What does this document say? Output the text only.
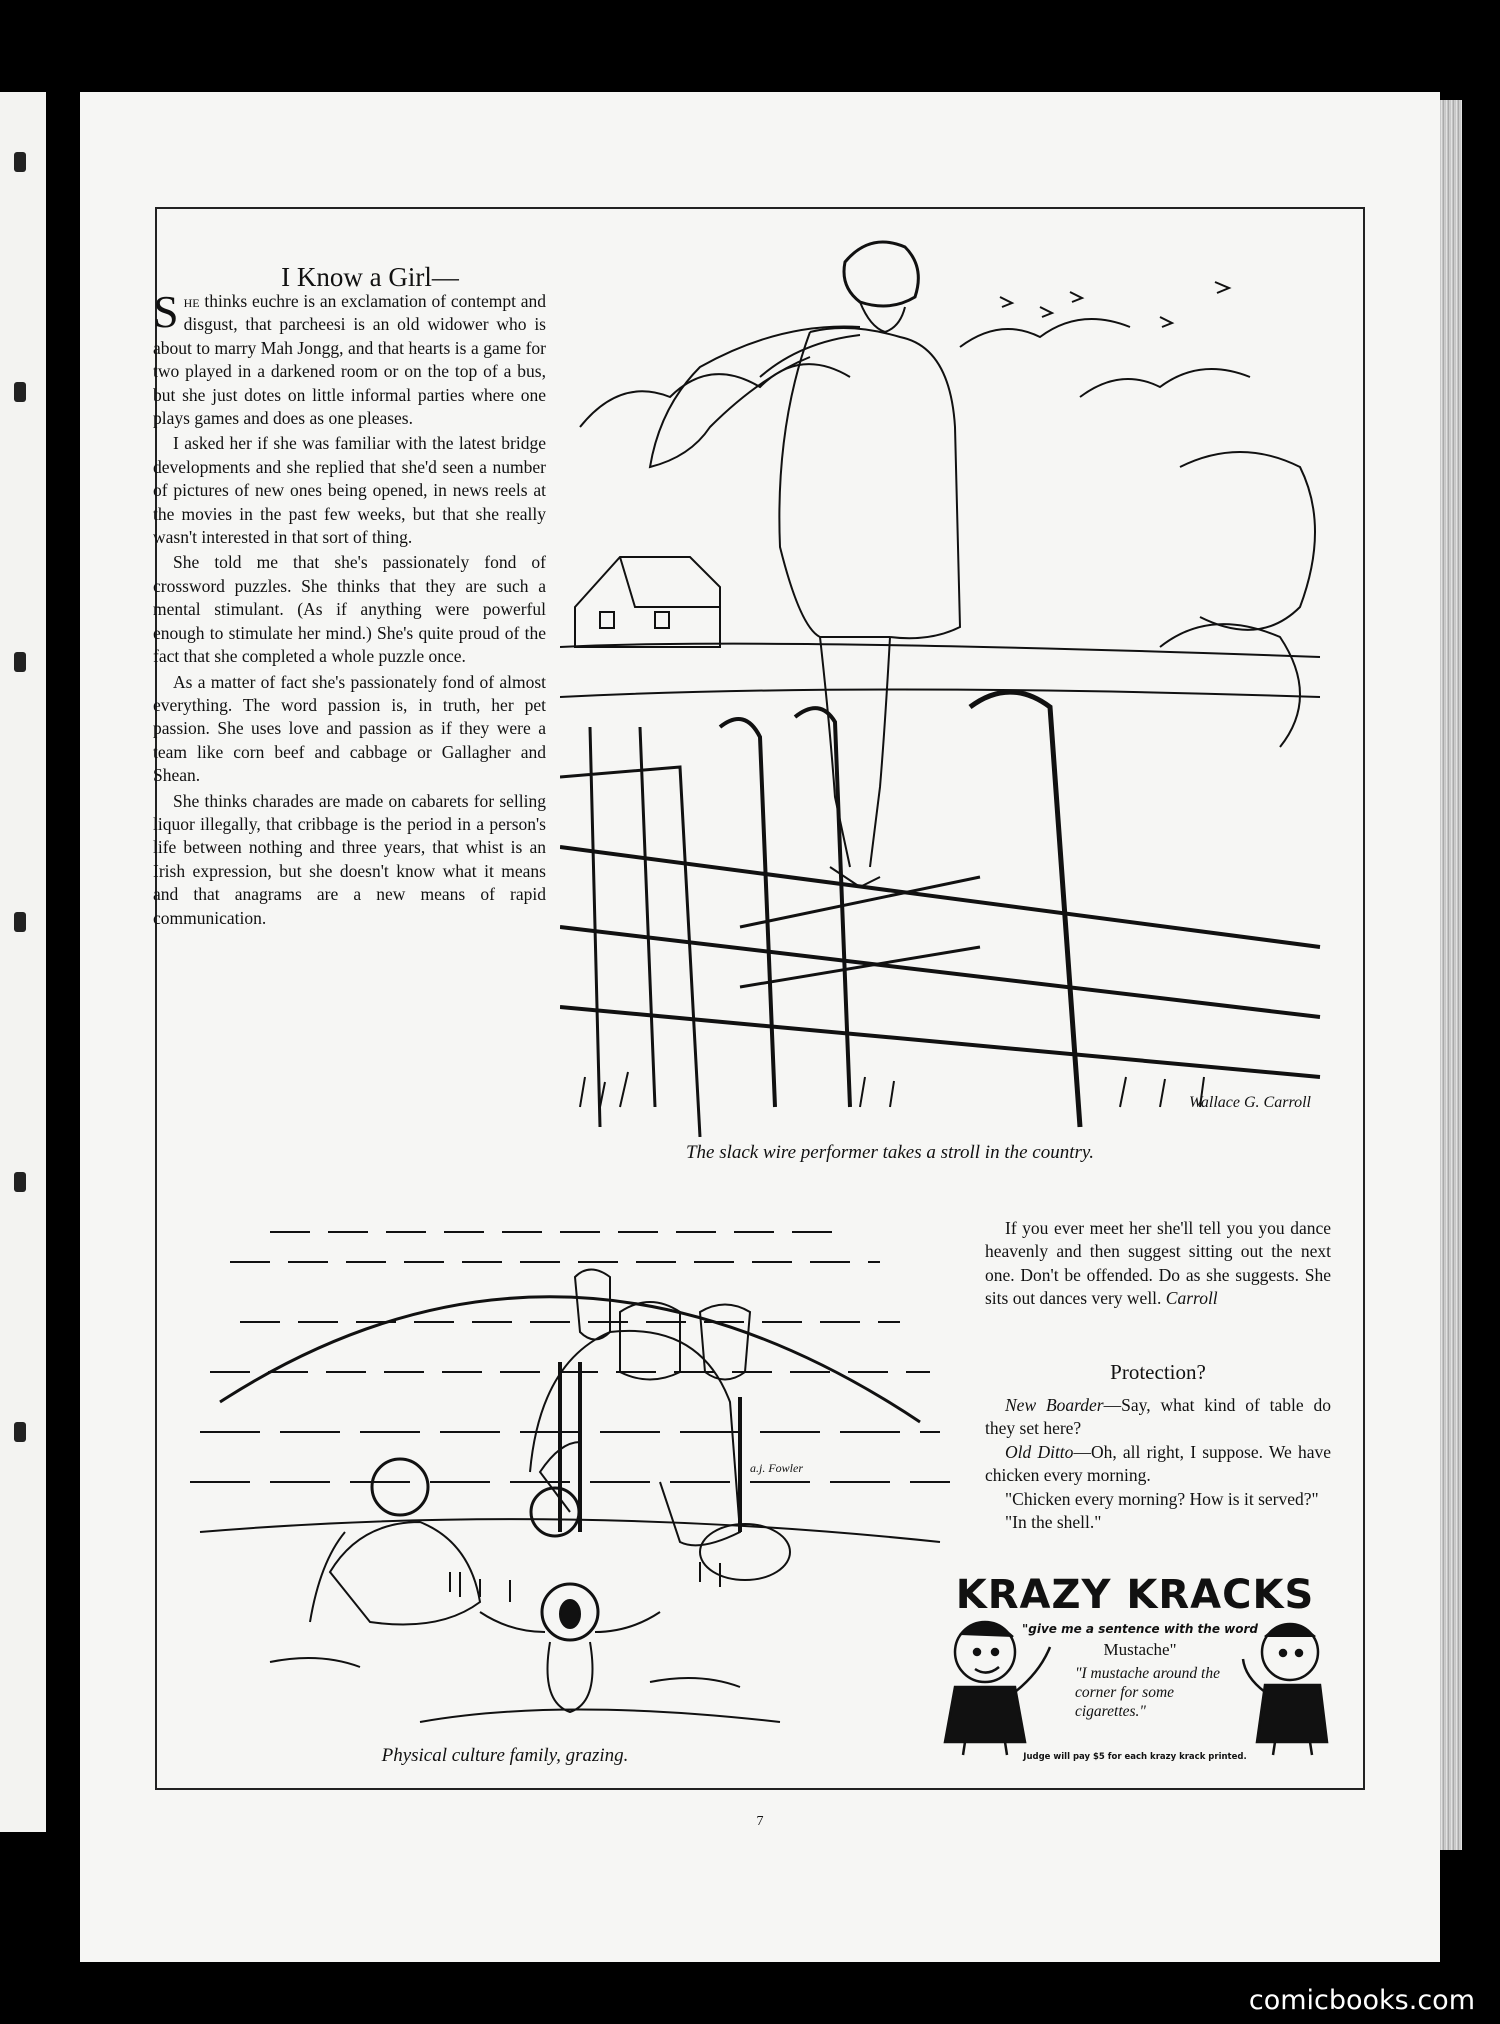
I Know a Girl—

She thinks euchre is an exclamation of contempt and disgust, that parcheesi is an old widower who is about to marry Mah Jongg, and that hearts is a game for two played in a darkened room or on the top of a bus, but she just dotes on little informal parties where one plays games and does as one pleases.

I asked her if she was familiar with the latest bridge developments and she replied that she'd seen a number of pictures of new ones being opened, in news reels at the movies in the past few weeks, but that she really wasn't interested in that sort of thing.

She told me that she's passionately fond of crossword puzzles. She thinks that they are such a mental stimulant. (As if anything were powerful enough to stimulate her mind.) She's quite proud of the fact that she completed a whole puzzle once.

As a matter of fact she's passionately fond of almost everything. The word passion is, in truth, her pet passion. She uses love and passion as if they were a team like corn beef and cabbage or Gallagher and Shean.

She thinks charades are made on cabarets for selling liquor illegally, that cribbage is the period in a person's life between nothing and three years, that whist is an Irish expression, but she doesn't know what it means and that anagrams are a new means of rapid communication.

Wallace G. Carroll
The slack wire performer takes a stroll in the country.
a.j. Fowler
Physical culture family, grazing.

If you ever meet her she'll tell you you dance heavenly and then suggest sitting out the next one. Don't be offended. Do as she suggests. She sits out dances very well. Carroll

Protection?

New Boarder—Say, what kind of table do they set here?

Old Ditto—Oh, all right, I suppose. We have chicken every morning.

"Chicken every morning? How is it served?"

"In the shell."

KRAZY KRACKS
"give me a sentence with the word
Mustache"
"I mustache around the corner for some cigarettes."
Judge will pay $5 for each krazy krack printed.
7
comicbooks.com
